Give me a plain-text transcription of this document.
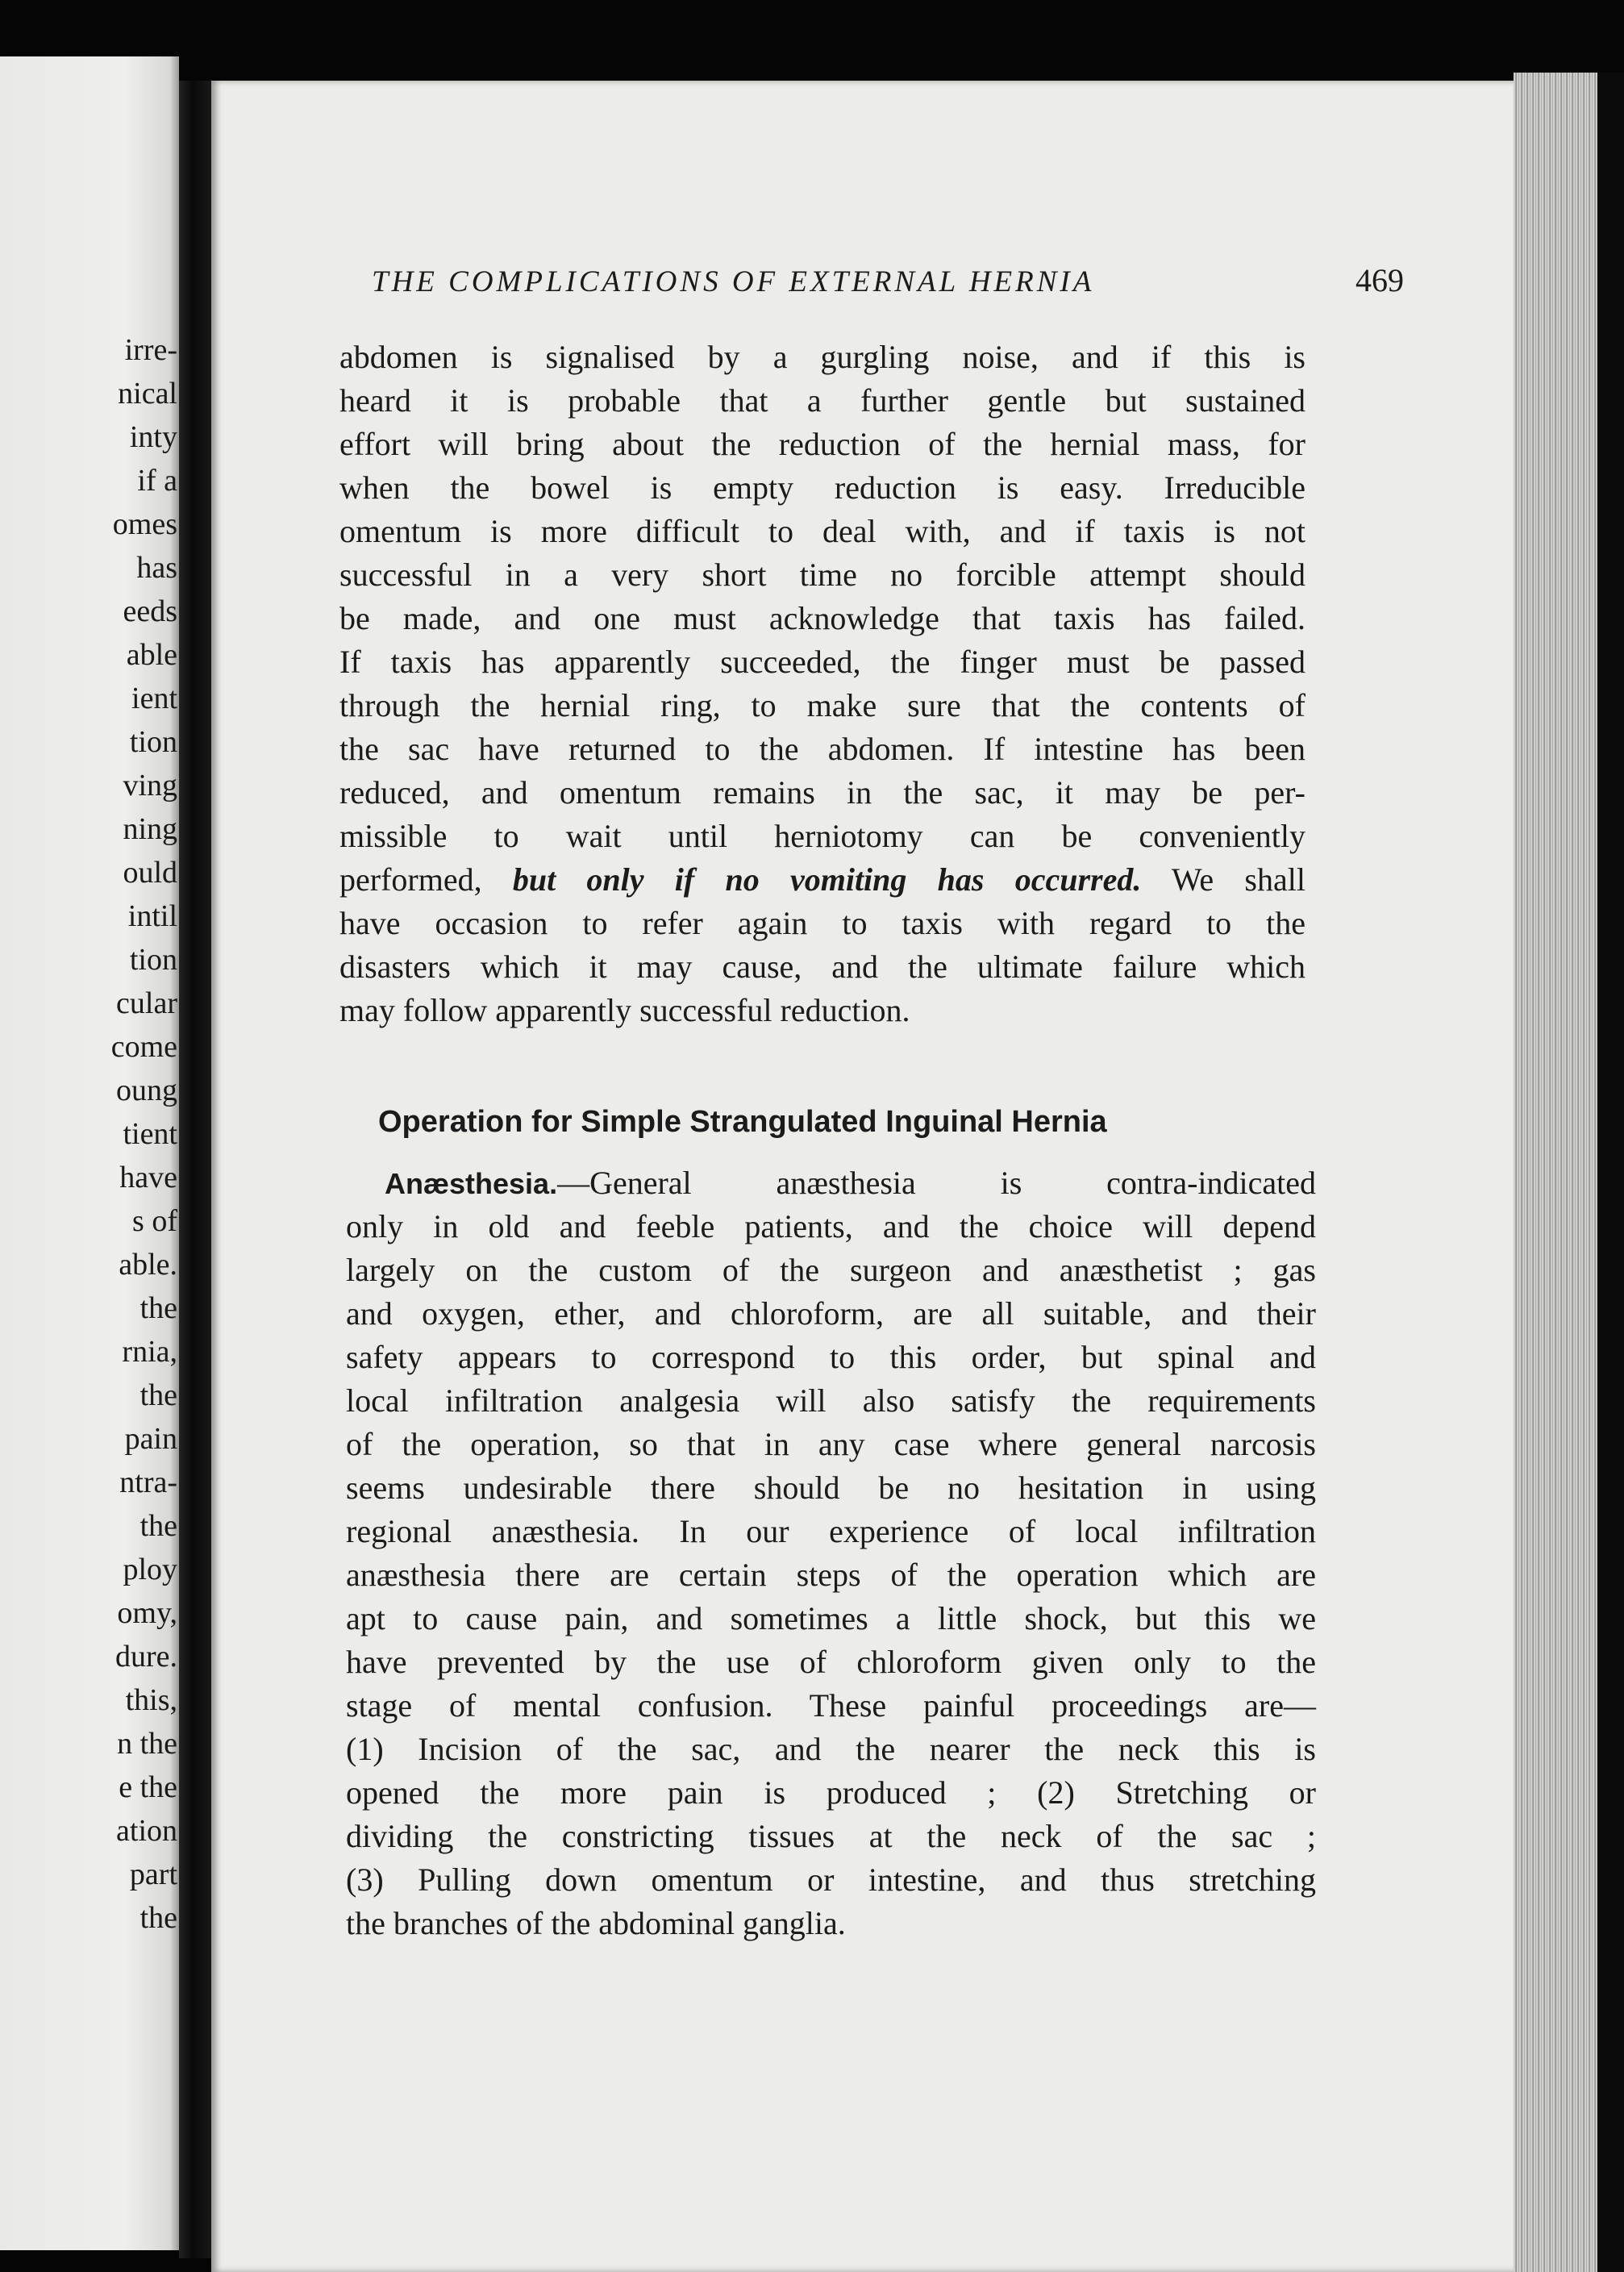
irre-
nical
inty
if a
omes
has
eeds
able
ient
tion
ving
ning
ould
intil
tion
cular
come
oung
tient
have
s of
able.
the
rnia,
the
pain
ntra-
the
ploy
omy,
dure.
this,
n the
e the
ation
part
the
THE COMPLICATIONS OF EXTERNAL HERNIA	469
abdomen is signalised by a gurgling noise, and if this is
heard it is probable that a further gentle but sustained
effort will bring about the reduction of the hernial mass, for
when the bowel is empty reduction is easy. Irreducible
omentum is more difficult to deal with, and if taxis is not
successful in a very short time no forcible attempt should
be made, and one must acknowledge that taxis has failed.
If taxis has apparently succeeded, the finger must be passed
through the hernial ring, to make sure that the contents of
the sac have returned to the abdomen. If intestine has been
reduced, and omentum remains in the sac, it may be per-
missible to wait until herniotomy can be conveniently
performed, but only if no vomiting has occurred. We shall
have occasion to refer again to taxis with regard to the
disasters which it may cause, and the ultimate failure which
may follow apparently successful reduction.
Operation for Simple Strangulated Inguinal Hernia
Anæsthesia.—General anæsthesia is contra-indicated
only in old and feeble patients, and the choice will depend
largely on the custom of the surgeon and anæsthetist ; gas
and oxygen, ether, and chloroform, are all suitable, and their
safety appears to correspond to this order, but spinal and
local infiltration analgesia will also satisfy the requirements
of the operation, so that in any case where general narcosis
seems undesirable there should be no hesitation in using
regional anæsthesia. In our experience of local infiltration
anæsthesia there are certain steps of the operation which are
apt to cause pain, and sometimes a little shock, but this we
have prevented by the use of chloroform given only to the
stage of mental confusion. These painful proceedings are—
(1) Incision of the sac, and the nearer the neck this is
opened the more pain is produced ; (2) Stretching or
dividing the constricting tissues at the neck of the sac ;
(3) Pulling down omentum or intestine, and thus stretching
the branches of the abdominal ganglia.
